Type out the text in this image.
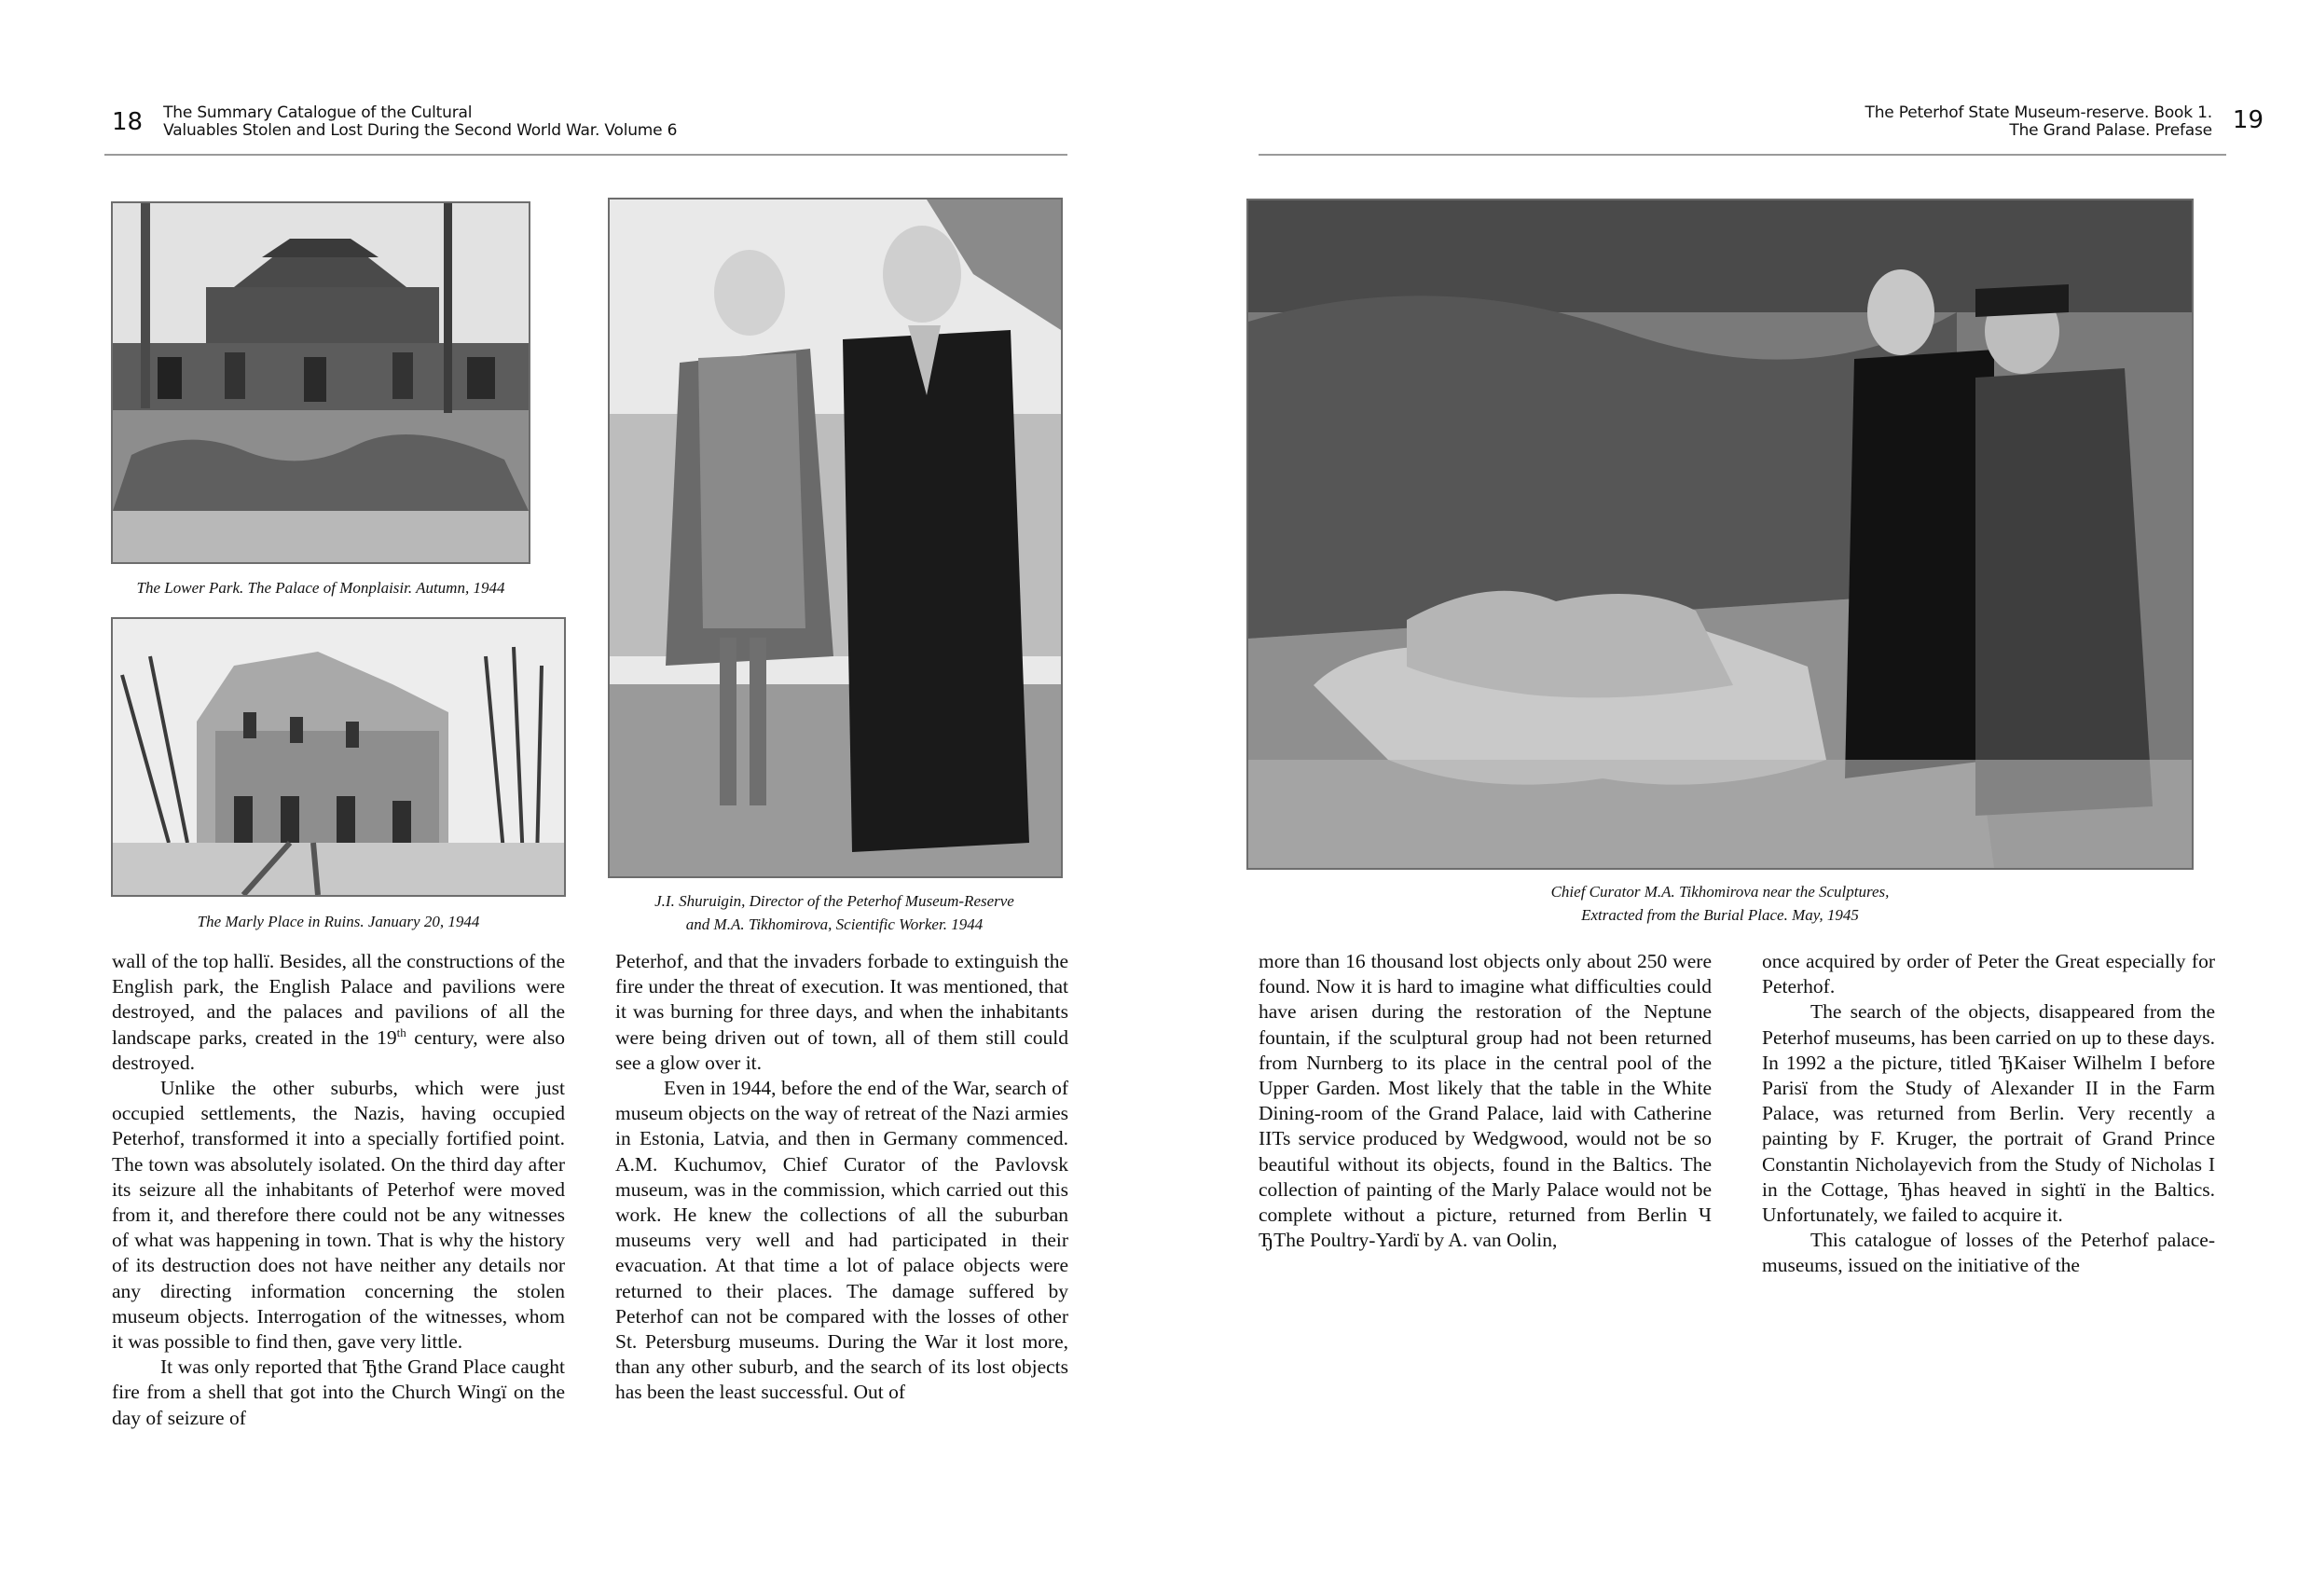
18 The Summary Catalogue of the Cultural
Valuables Stolen and Lost During the Second World War. Volume 6
The Lower Park. The Palace of Monplaisir. Autumn, 1944
The Marly Place in Ruins. January 20, 1944
J.I. Shuruigin, Director of the Peterhof Museum-Reserve
and M.A. Tikhomirova, Scientific Worker. 1944

wall of the top hallї. Besides, all the constructions of the English park, the English Palace and pavilions were destroyed, and the palaces and pavilions of all the landscape parks, created in the 19th century, were also destroyed.

Unlike the other suburbs, which were just occupied settlements, the Nazis, having occupied Peterhof, transformed it into a specially fortified point. The town was absolutely isolated. On the third day after its seizure all the inhabitants of Peterhof were moved from it, and therefore there could not be any witnesses of what was happening in town. That is why the history of its destruction does not have neither any details nor any directing information concerning the stolen museum objects. Interrogation of the witnesses, whom it was possible to find then, gave very little.

It was only reported that Ђthe Grand Place caught fire from a shell that got into the Church Wingї on the day of seizure of

Peterhof, and that the invaders forbade to extinguish the fire under the threat of execution. It was mentioned, that it was burning for three days, and when the inhabitants were being driven out of town, all of them still could see a glow over it.

Even in 1944, before the end of the War, search of museum objects on the way of retreat of the Nazi armies in Estonia, Latvia, and then in Germany commenced. A.M. Kuchumov, Chief Curator of the Pavlovsk museum, was in the commission, which carried out this work. He knew the collections of all the suburban museums very well and had participated in their evacuation. At that time a lot of palace objects were returned to their places. The damage suffered by Peterhof can not be compared with the losses of other St. Petersburg museums. During the War it lost more, than any other suburb, and the search of its lost objects has been the least successful. Out of

The Peterhof State Museum-reserve. Book 1.
The Grand Palase. Prefase 19
Chief Curator M.A. Tikhomirova near the Sculptures,
Extracted from the Burial Place. May, 1945

more than 16 thousand lost objects only about 250 were found. Now it is hard to imagine what difficulties could have arisen during the restoration of the Neptune fountain, if the sculptural group had not been returned from Nurnberg to its place in the central pool of the Upper Garden. Most likely that the table in the White Dining-room of the Grand Palace, laid with Catherine IITs service produced by Wedgwood, would not be so beautiful without its objects, found in the Baltics. The collection of painting of the Marly Palace would not be complete without a picture, returned from Berlin Ч ЂThe Poultry-Yardї by A. van Oolin,

once acquired by order of Peter the Great especially for Peterhof.

The search of the objects, disappeared from the Peterhof museums, has been carried on up to these days. In 1992 a the picture, titled ЂKaiser Wilhelm I before Parisї from the Study of Alexander II in the Farm Palace, was returned from Berlin. Very recently a painting by F. Kruger, the portrait of Grand Prince Constantin Nicholayevich from the Study of Nicholas I in the Cottage, Ђhas heaved in sightї in the Baltics. Unfortunately, we failed to acquire it.

This catalogue of losses of the Peterhof palace-museums, issued on the initiative of the
